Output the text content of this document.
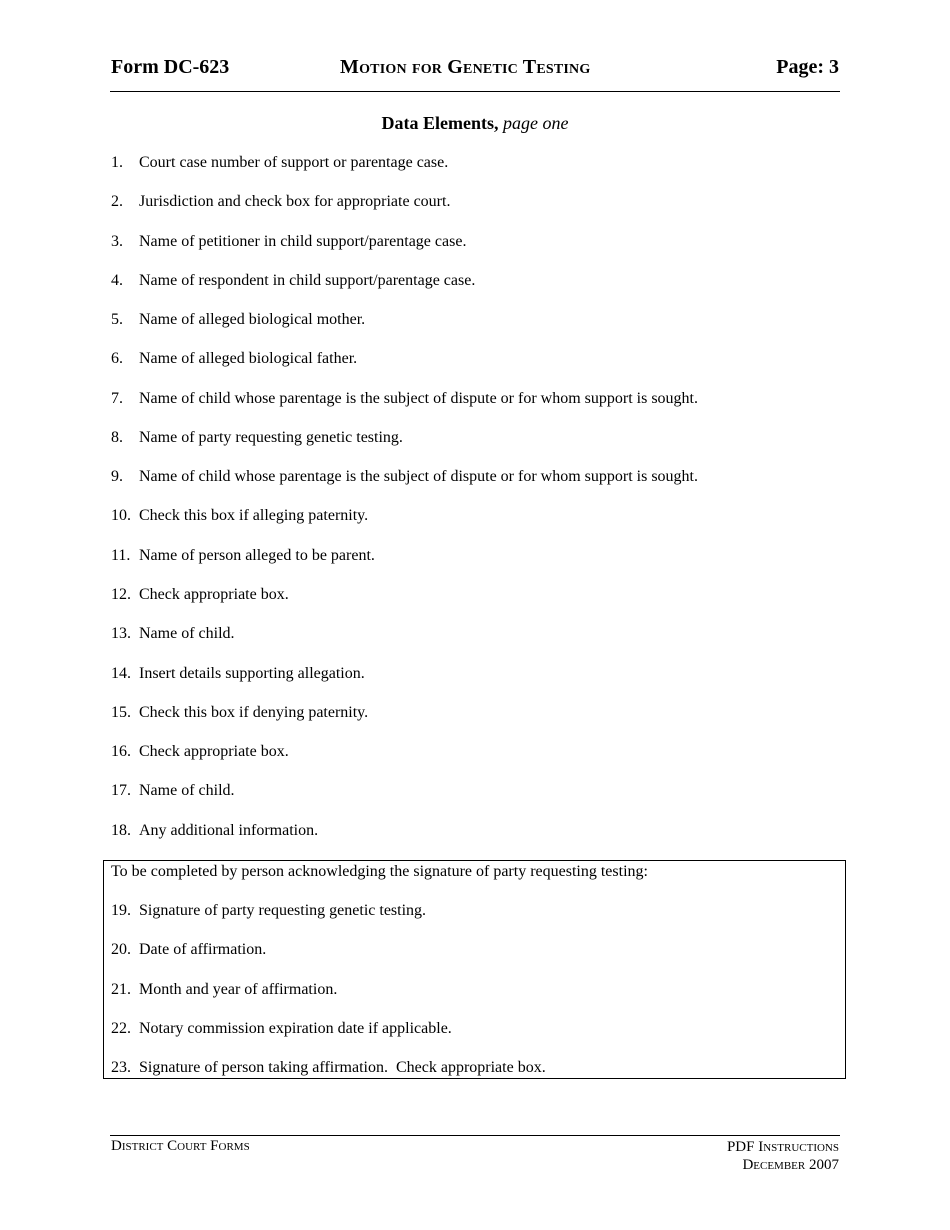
Form DC-623	Motion for Genetic Testing	Page: 3
Data Elements, page one
1. Court case number of support or parentage case.
2. Jurisdiction and check box for appropriate court.
3. Name of petitioner in child support/parentage case.
4. Name of respondent in child support/parentage case.
5. Name of alleged biological mother.
6. Name of alleged biological father.
7. Name of child whose parentage is the subject of dispute or for whom support is sought.
8. Name of party requesting genetic testing.
9. Name of child whose parentage is the subject of dispute or for whom support is sought.
10. Check this box if alleging paternity.
11. Name of person alleged to be parent.
12. Check appropriate box.
13. Name of child.
14. Insert details supporting allegation.
15. Check this box if denying paternity.
16. Check appropriate box.
17. Name of child.
18. Any additional information.
To be completed by person acknowledging the signature of party requesting testing:
19. Signature of party requesting genetic testing.
20. Date of affirmation.
21. Month and year of affirmation.
22. Notary commission expiration date if applicable.
23. Signature of person taking affirmation.  Check appropriate box.
District Court Forms	PDF Instructions
December 2007
